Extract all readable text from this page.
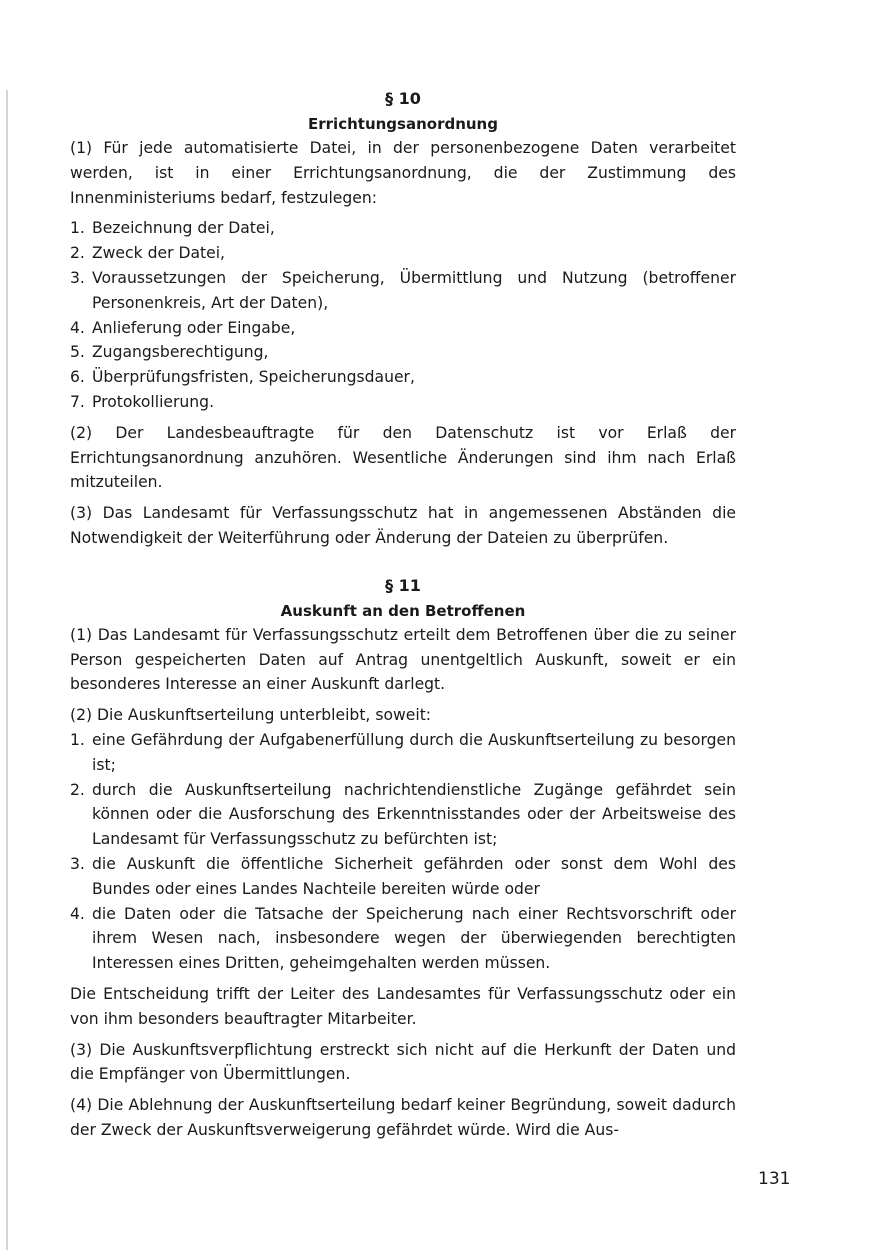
§ 10
Errichtungsanordnung

(1) Für jede automatisierte Datei, in der personenbezogene Daten verarbeitet werden, ist in einer Errichtungsanordnung, die der Zustimmung des Innenministeriums bedarf, festzulegen:

1. Bezeichnung der Datei,
2. Zweck der Datei,
3. Voraussetzungen der Speicherung, Übermittlung und Nutzung (betroffener Personenkreis, Art der Daten),
4. Anlieferung oder Eingabe,
5. Zugangsberechtigung,
6. Überprüfungsfristen, Speicherungsdauer,
7. Protokollierung.

(2) Der Landesbeauftragte für den Datenschutz ist vor Erlaß der Errichtungsanordnung anzuhören. Wesentliche Änderungen sind ihm nach Erlaß mitzuteilen.

(3) Das Landesamt für Verfassungsschutz hat in angemessenen Abständen die Notwendigkeit der Weiterführung oder Änderung der Dateien zu überprüfen.

§ 11
Auskunft an den Betroffenen

(1) Das Landesamt für Verfassungsschutz erteilt dem Betroffenen über die zu seiner Person gespeicherten Daten auf Antrag unentgeltlich Auskunft, soweit er ein besonderes Interesse an einer Auskunft darlegt.

(2) Die Auskunftserteilung unterbleibt, soweit:

1. eine Gefährdung der Aufgabenerfüllung durch die Auskunftserteilung zu besorgen ist;
2. durch die Auskunftserteilung nachrichtendienstliche Zugänge gefährdet sein können oder die Ausforschung des Erkenntnisstandes oder der Arbeitsweise des Landesamt für Verfassungsschutz zu befürchten ist;
3. die Auskunft die öffentliche Sicherheit gefährden oder sonst dem Wohl des Bundes oder eines Landes Nachteile bereiten würde oder
4. die Daten oder die Tatsache der Speicherung nach einer Rechtsvorschrift oder ihrem Wesen nach, insbesondere wegen der überwiegenden berechtigten Interessen eines Dritten, geheimgehalten werden müssen.

Die Entscheidung trifft der Leiter des Landesamtes für Verfassungsschutz oder ein von ihm besonders beauftragter Mitarbeiter.

(3) Die Auskunftsverpflichtung erstreckt sich nicht auf die Herkunft der Daten und die Empfänger von Übermittlungen.

(4) Die Ablehnung der Auskunftserteilung bedarf keiner Begründung, soweit dadurch der Zweck der Auskunftsverweigerung gefährdet würde. Wird die Aus-

131
